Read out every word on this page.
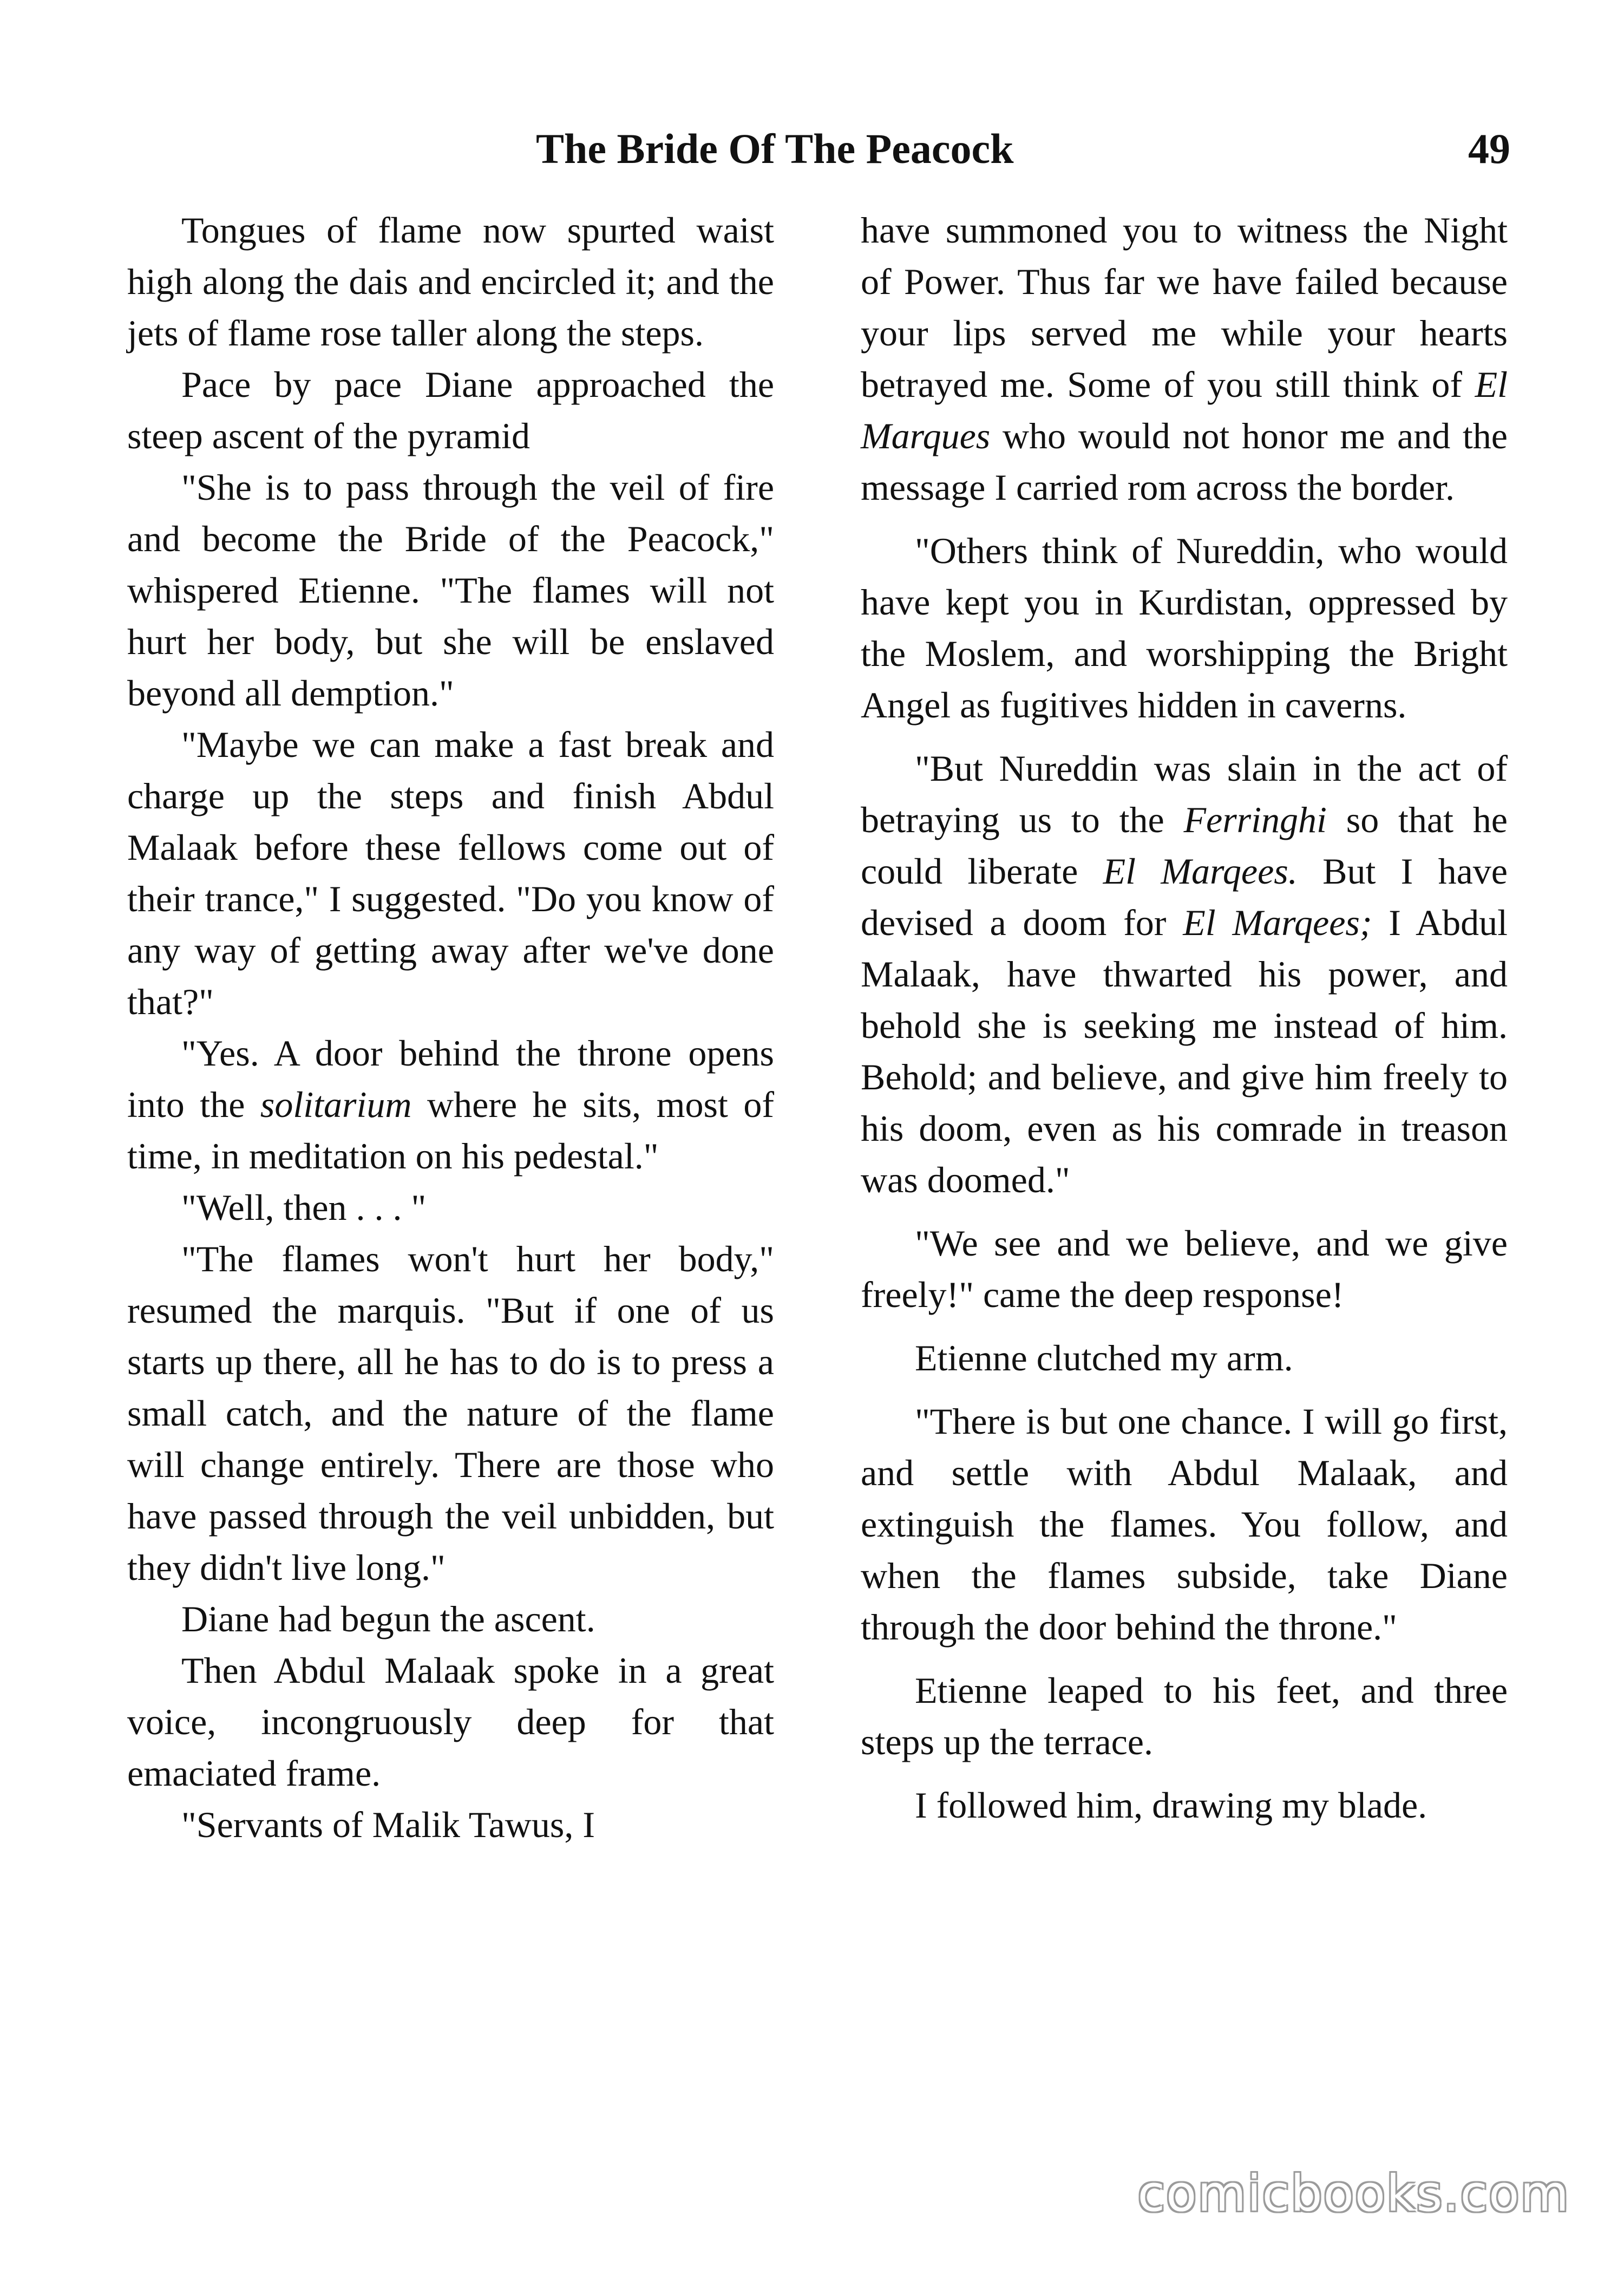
The Bride Of The Peacock	49

Tongues of flame now spurted waist high along the dais and encircled it; and the jets of flame rose taller along the steps.

Pace by pace Diane approached the steep ascent of the pyramid

"She is to pass through the veil of fire and become the Bride of the Peacock," whispered Etienne. "The flames will not hurt her body, but she will be enslaved beyond all demption."

"Maybe we can make a fast break and charge up the steps and finish Abdul Malaak before these fellows come out of their trance," I suggested. "Do you know of any way of getting away after we've done that?"

"Yes. A door behind the throne opens into the solitarium where he sits, most of time, in meditation on his pedestal."

"Well, then . . . "

"The flames won't hurt her body," resumed the marquis. "But if one of us starts up there, all he has to do is to press a small catch, and the nature of the flame will change entirely. There are those who have passed through the veil unbidden, but they didn't live long."

Diane had begun the ascent.

Then Abdul Malaak spoke in a great voice, incongruously deep for that emaciated frame.

"Servants of Malik Tawus, I

have summoned you to witness the Night of Power. Thus far we have failed because your lips served me while your hearts betrayed me. Some of you still think of El Marques who would not honor me and the message I carried rom across the border.

"Others think of Nureddin, who would have kept you in Kurdistan, oppressed by the Moslem, and worshipping the Bright Angel as fugitives hidden in caverns.

"But Nureddin was slain in the act of betraying us to the Ferringhi so that he could liberate El Marqees. But I have devised a doom for El Marqees; I Abdul Malaak, have thwarted his power, and behold she is seeking me instead of him. Behold; and believe, and give him freely to his doom, even as his comrade in treason was doomed."

"We see and we believe, and we give freely!" came the deep response!

Etienne clutched my arm.

"There is but one chance. I will go first, and settle with Abdul Malaak, and extinguish the flames. You follow, and when the flames subside, take Diane through the door behind the throne."

Etienne leaped to his feet, and three steps up the terrace.

I followed him, drawing my blade.

comicbooks.com
